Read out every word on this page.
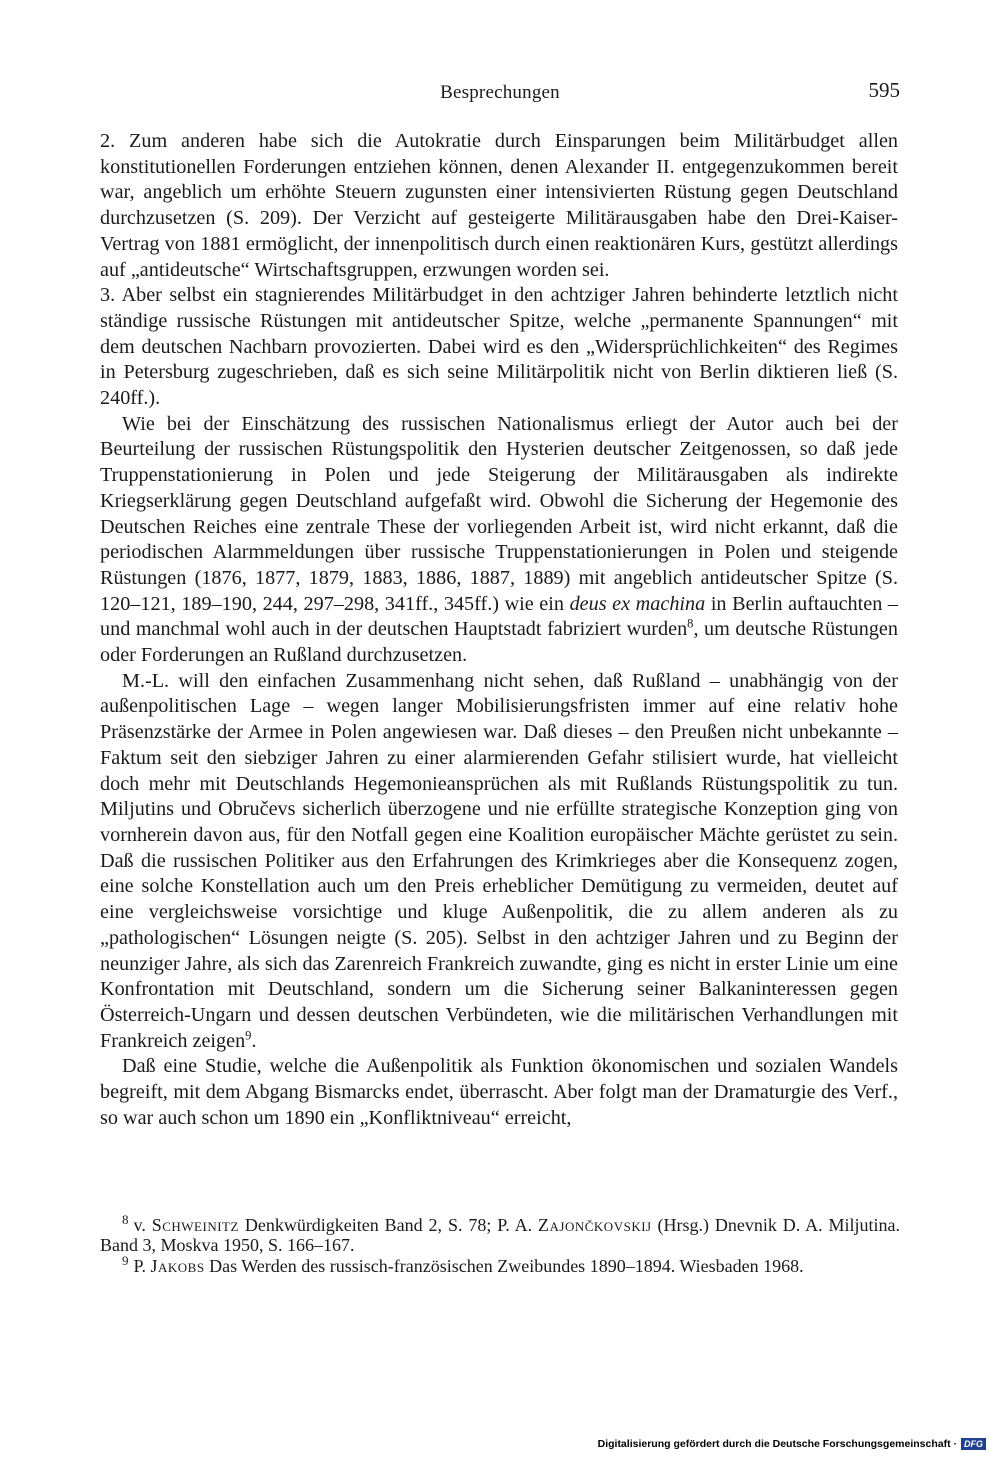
Besprechungen	595

2. Zum anderen habe sich die Autokratie durch Einsparungen beim Militärbudget allen konstitutionellen Forderungen entziehen können, denen Alexander II. entgegenzukommen bereit war, angeblich um erhöhte Steuern zugunsten einer intensivierten Rüstung gegen Deutschland durchzusetzen (S. 209). Der Verzicht auf gesteigerte Militärausgaben habe den Drei-Kaiser-Vertrag von 1881 ermöglicht, der innenpolitisch durch einen reaktionären Kurs, gestützt allerdings auf „antideutsche“ Wirtschaftsgruppen, erzwungen worden sei.

3. Aber selbst ein stagnierendes Militärbudget in den achtziger Jahren behinderte letztlich nicht ständige russische Rüstungen mit antideutscher Spitze, welche „permanente Spannungen“ mit dem deutschen Nachbarn provozierten. Dabei wird es den „Widersprüchlichkeiten“ des Regimes in Petersburg zugeschrieben, daß es sich seine Militärpolitik nicht von Berlin diktieren ließ (S. 240ff.).

Wie bei der Einschätzung des russischen Nationalismus erliegt der Autor auch bei der Beurteilung der russischen Rüstungspolitik den Hysterien deutscher Zeitgenossen, so daß jede Truppenstationierung in Polen und jede Steigerung der Militärausgaben als indirekte Kriegserklärung gegen Deutschland aufgefaßt wird. Obwohl die Sicherung der Hegemonie des Deutschen Reiches eine zentrale These der vorliegenden Arbeit ist, wird nicht erkannt, daß die periodischen Alarmmeldungen über russische Truppenstationierungen in Polen und steigende Rüstungen (1876, 1877, 1879, 1883, 1886, 1887, 1889) mit angeblich antideutscher Spitze (S. 120–121, 189–190, 244, 297–298, 341ff., 345ff.) wie ein deus ex machina in Berlin auftauchten – und manchmal wohl auch in der deutschen Hauptstadt fabriziert wurden$^8$, um deutsche Rüstungen oder Forderungen an Rußland durchzusetzen.

M.-L. will den einfachen Zusammenhang nicht sehen, daß Rußland – unabhängig von der außenpolitischen Lage – wegen langer Mobilisierungsfristen immer auf eine relativ hohe Präsenzstärke der Armee in Polen angewiesen war. Daß dieses – den Preußen nicht unbekannte – Faktum seit den siebziger Jahren zu einer alarmierenden Gefahr stilisiert wurde, hat vielleicht doch mehr mit Deutschlands Hegemonieansprüchen als mit Rußlands Rüstungspolitik zu tun. Miljutins und Obručevs sicherlich überzogene und nie erfüllte strategische Konzeption ging von vornherein davon aus, für den Notfall gegen eine Koalition europäischer Mächte gerüstet zu sein. Daß die russischen Politiker aus den Erfahrungen des Krimkrieges aber die Konsequenz zogen, eine solche Konstellation auch um den Preis erheblicher Demütigung zu vermeiden, deutet auf eine vergleichsweise vorsichtige und kluge Außenpolitik, die zu allem anderen als zu „pathologischen“ Lösungen neigte (S. 205). Selbst in den achtziger Jahren und zu Beginn der neunziger Jahre, als sich das Zarenreich Frankreich zuwandte, ging es nicht in erster Linie um eine Konfrontation mit Deutschland, sondern um die Sicherung seiner Balkaninteressen gegen Österreich-Ungarn und dessen deutschen Verbündeten, wie die militärischen Verhandlungen mit Frankreich zeigen$^9$.

Daß eine Studie, welche die Außenpolitik als Funktion ökonomischen und sozialen Wandels begreift, mit dem Abgang Bismarcks endet, überrascht. Aber folgt man der Dramaturgie des Verf., so war auch schon um 1890 ein „Konfliktniveau“ erreicht,

$^8$ v. Schweinitz Denkwürdigkeiten Band 2, S. 78; P. A. Zajončkovskij (Hrsg.) Dnevnik D. A. Miljutina. Band 3, Moskva 1950, S. 166–167.

$^9$ P. Jakobs Das Werden des russisch-französischen Zweibundes 1890–1894. Wiesbaden 1968.

Digitalisierung gefördert durch die Deutsche Forschungsgemeinschaft · DFG
